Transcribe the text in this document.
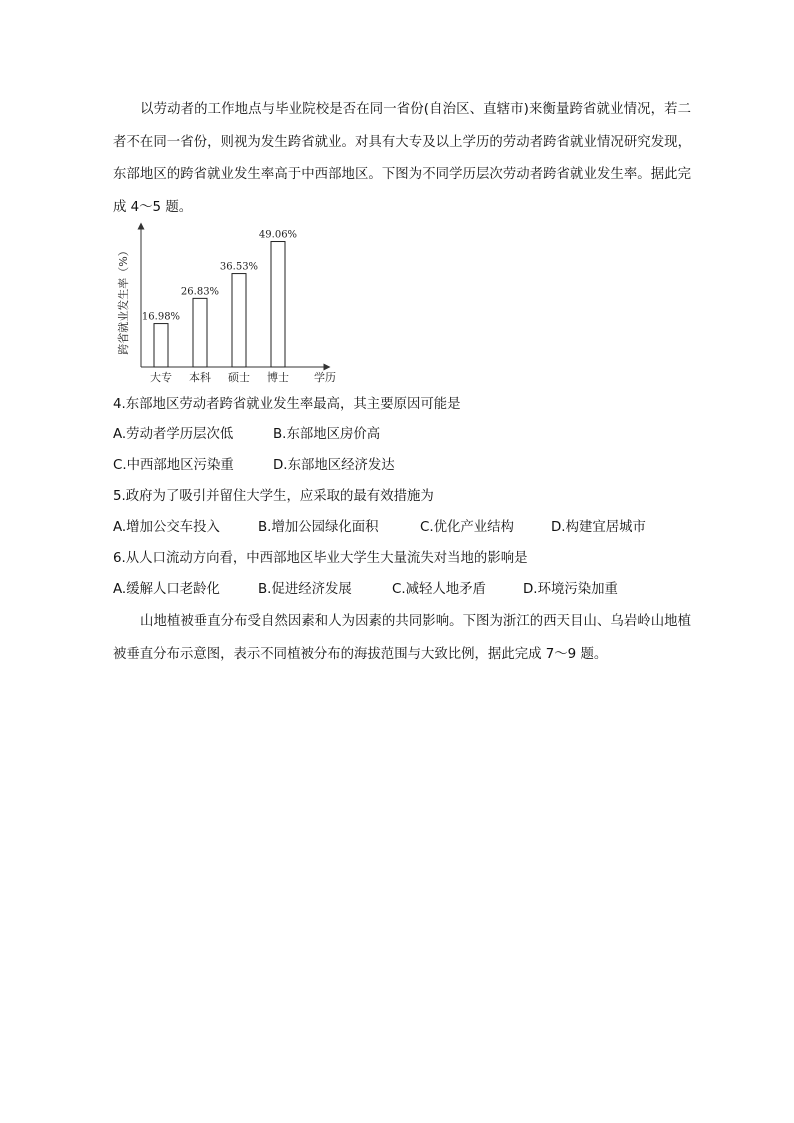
以劳动者的工作地点与毕业院校是否在同一省份(自治区、直辖市)来衡量跨省就业情况，若二者不在同一省份，则视为发生跨省就业。对具有大专及以上学历的劳动者跨省就业情况研究发现，东部地区的跨省就业发生率高于中西部地区。下图为不同学历层次劳动者跨省就业发生率。据此完成 4～5 题。

跨省就业发生率（%）
学历
16.98%
大专
26.83%
本科
36.53%
硕士
49.06%
博士

4.东部地区劳动者跨省就业发生率最高，其主要原因可能是

A.劳动者学历层次低	B.东部地区房价高
C.中西部地区污染重	D.东部地区经济发达

5.政府为了吸引并留住大学生，应采取的最有效措施为

A.增加公交车投入	B.增加公园绿化面积	C.优化产业结构	D.构建宜居城市

6.从人口流动方向看，中西部地区毕业大学生大量流失对当地的影响是

A.缓解人口老龄化	B.促进经济发展	C.减轻人地矛盾	D.环境污染加重

山地植被垂直分布受自然因素和人为因素的共同影响。下图为浙江的西天目山、乌岩岭山地植被垂直分布示意图，表示不同植被分布的海拔范围与大致比例，据此完成 7～9 题。
